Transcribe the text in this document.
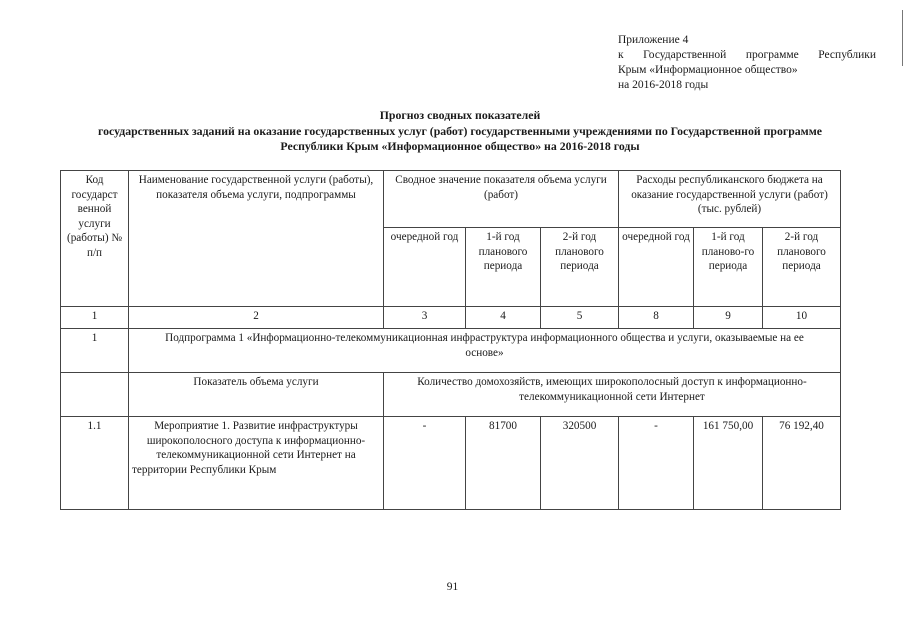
Приложение 4
к Государственной программе Республики
Крым «Информационное общество»
на 2016-2018 годы
Прогноз сводных показателей
государственных заданий на оказание государственных услуг (работ) государственными учреждениями по Государственной программе
Республики Крым «Информационное общество» на 2016-2018 годы
Код государст венной услуги (работы) № п/п	Наименование государственной услуги (работы), показателя объема услуги, подпрограммы	Сводное значение показателя объема услуги (работ)			Расходы республиканского бюджета на оказание государственной услуги (работ) (тыс. рублей)		
		очередной год	1-й год планового периода	2-й год планового периода	очередной год	1-й год планово-го периода	2-й год планового периода
1	2	3	4	5	8	9	10
1	Подпрограмма 1 «Информационно-телекоммуникационная инфраструктура информационного общества и услуги, оказываемые на ее основе»						
	Показатель объема услуги	Количество домохозяйств, имеющих широкополосный доступ к информационно-телекоммуникационной сети Интернет					
1.1	Мероприятие 1. Развитие инфраструктуры широкополосного доступа к информационно-телекоммуникационной сети Интернет на территории Республики Крым	-	81700	320500	-	161 750,00	76 192,40
91
